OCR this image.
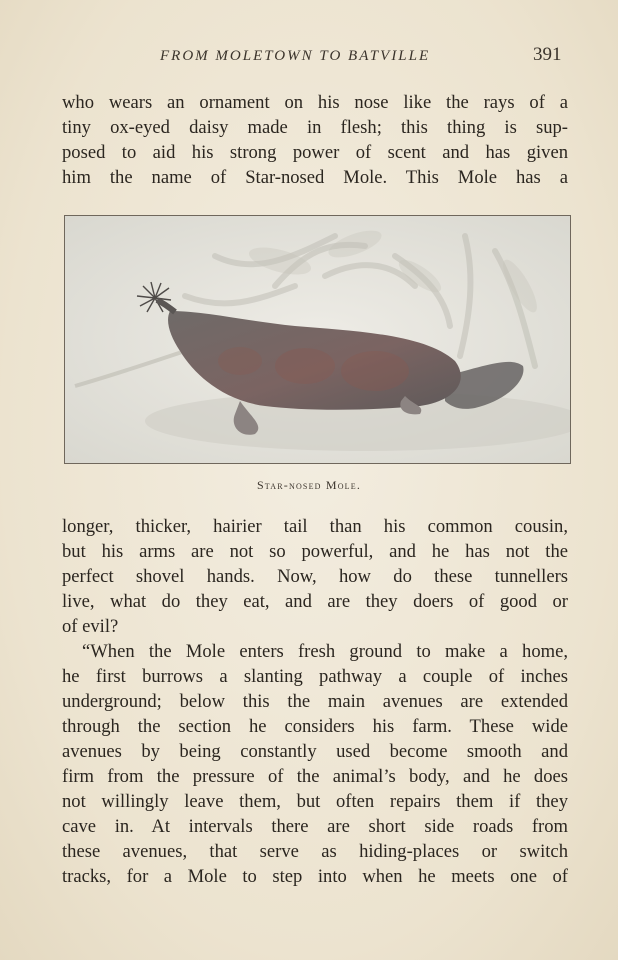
FROM MOLETOWN TO BATVILLE	391

who wears an ornament on his nose like the rays of a
tiny ox-eyed daisy made in flesh; this thing is sup-
posed to aid his strong power of scent and has given
him the name of Star-nosed Mole. This Mole has a

Star-nosed Mole.

longer, thicker, hairier tail than his common cousin,
but his arms are not so powerful, and he has not the
perfect shovel hands. Now, how do these tunnellers
live, what do they eat, and are they doers of good or
of evil?
“When the Mole enters fresh ground to make a home,
he first burrows a slanting pathway a couple of inches
underground; below this the main avenues are extended
through the section he considers his farm. These wide
avenues by being constantly used become smooth and
firm from the pressure of the animal’s body, and he does
not willingly leave them, but often repairs them if they
cave in. At intervals there are short side roads from
these avenues, that serve as hiding-places or switch
tracks, for a Mole to step into when he meets one of
